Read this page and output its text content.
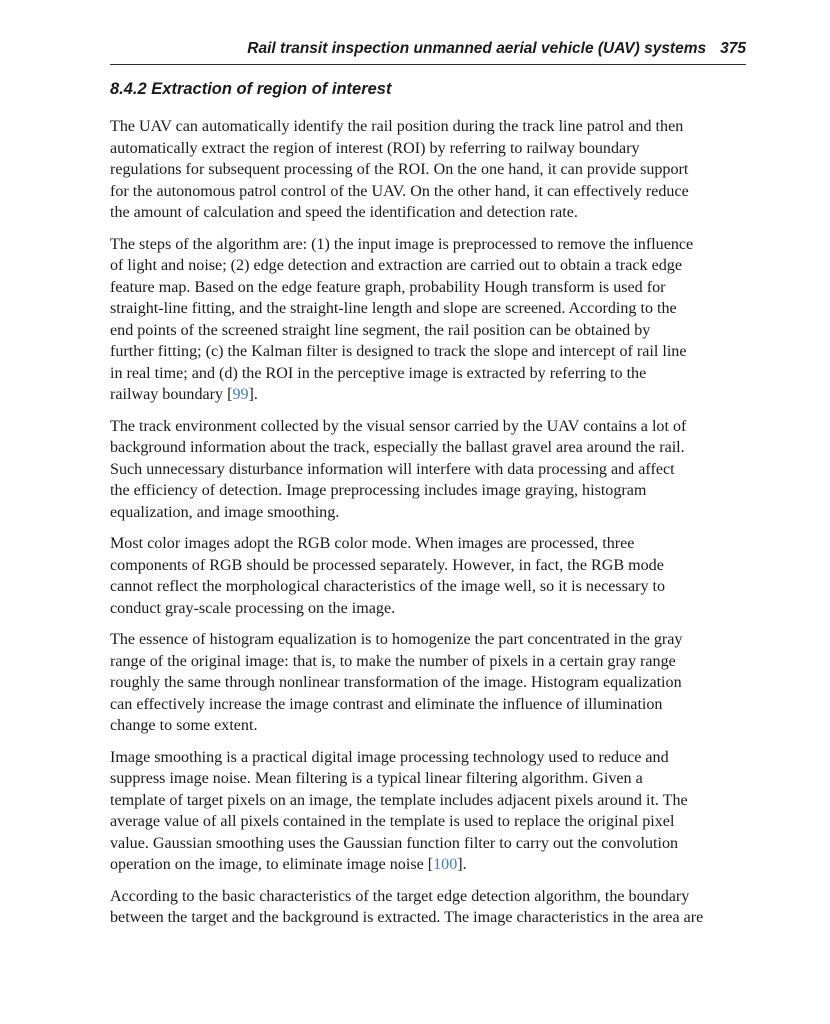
Rail transit inspection unmanned aerial vehicle (UAV) systems 375
8.4.2 Extraction of region of interest

The UAV can automatically identify the rail position during the track line patrol and then
automatically extract the region of interest (ROI) by referring to railway boundary
regulations for subsequent processing of the ROI. On the one hand, it can provide support
for the autonomous patrol control of the UAV. On the other hand, it can effectively reduce
the amount of calculation and speed the identification and detection rate.

The steps of the algorithm are: (1) the input image is preprocessed to remove the influence
of light and noise; (2) edge detection and extraction are carried out to obtain a track edge
feature map. Based on the edge feature graph, probability Hough transform is used for
straight-line fitting, and the straight-line length and slope are screened. According to the
end points of the screened straight line segment, the rail position can be obtained by
further fitting; (c) the Kalman filter is designed to track the slope and intercept of rail line
in real time; and (d) the ROI in the perceptive image is extracted by referring to the
railway boundary [99].

The track environment collected by the visual sensor carried by the UAV contains a lot of
background information about the track, especially the ballast gravel area around the rail.
Such unnecessary disturbance information will interfere with data processing and affect
the efficiency of detection. Image preprocessing includes image graying, histogram
equalization, and image smoothing.

Most color images adopt the RGB color mode. When images are processed, three
components of RGB should be processed separately. However, in fact, the RGB mode
cannot reflect the morphological characteristics of the image well, so it is necessary to
conduct gray-scale processing on the image.

The essence of histogram equalization is to homogenize the part concentrated in the gray
range of the original image: that is, to make the number of pixels in a certain gray range
roughly the same through nonlinear transformation of the image. Histogram equalization
can effectively increase the image contrast and eliminate the influence of illumination
change to some extent.

Image smoothing is a practical digital image processing technology used to reduce and
suppress image noise. Mean filtering is a typical linear filtering algorithm. Given a
template of target pixels on an image, the template includes adjacent pixels around it. The
average value of all pixels contained in the template is used to replace the original pixel
value. Gaussian smoothing uses the Gaussian function filter to carry out the convolution
operation on the image, to eliminate image noise [100].

According to the basic characteristics of the target edge detection algorithm, the boundary
between the target and the background is extracted. The image characteristics in the area are
